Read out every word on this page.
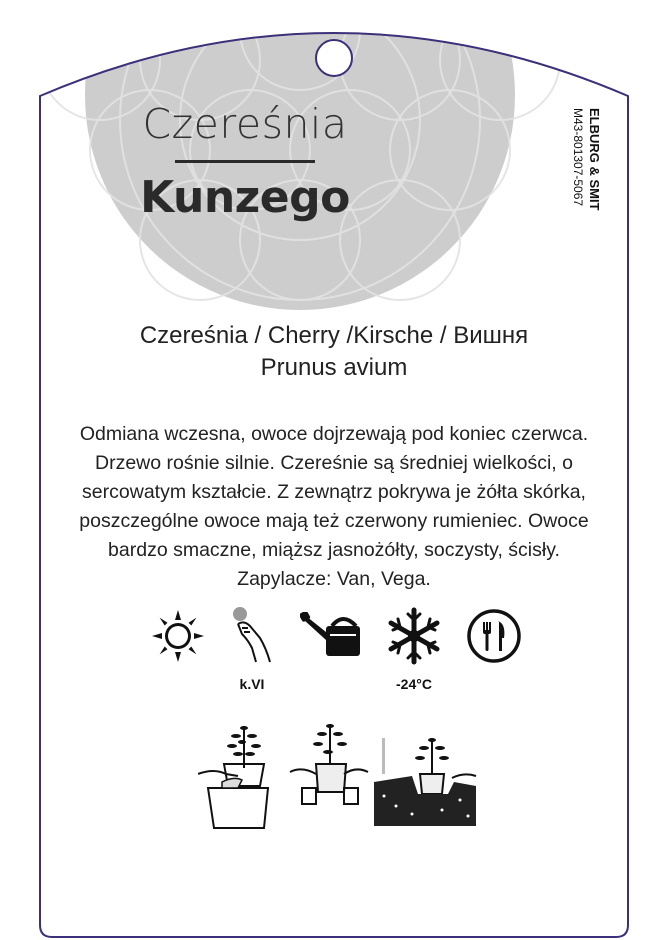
Czereśnia
Kunzego	ELBURG & SMIT
M43-801307-5067
Czereśnia / Cherry /Kirsche / Вишня
Prunus avium
Odmiana wczesna, owoce dojrzewają pod koniec czerwca. Drzewo rośnie silnie. Czereśnie są średniej wielkości, o sercowatym kształcie. Z zewnątrz pokrywa je żółta skórka, poszczególne owoce mają też czerwony rumieniec. Owoce bardzo smaczne, miąższ jasnożółty, soczysty, ścisły. Zapylacze: Van, Vega.
k.VI	-24°C
